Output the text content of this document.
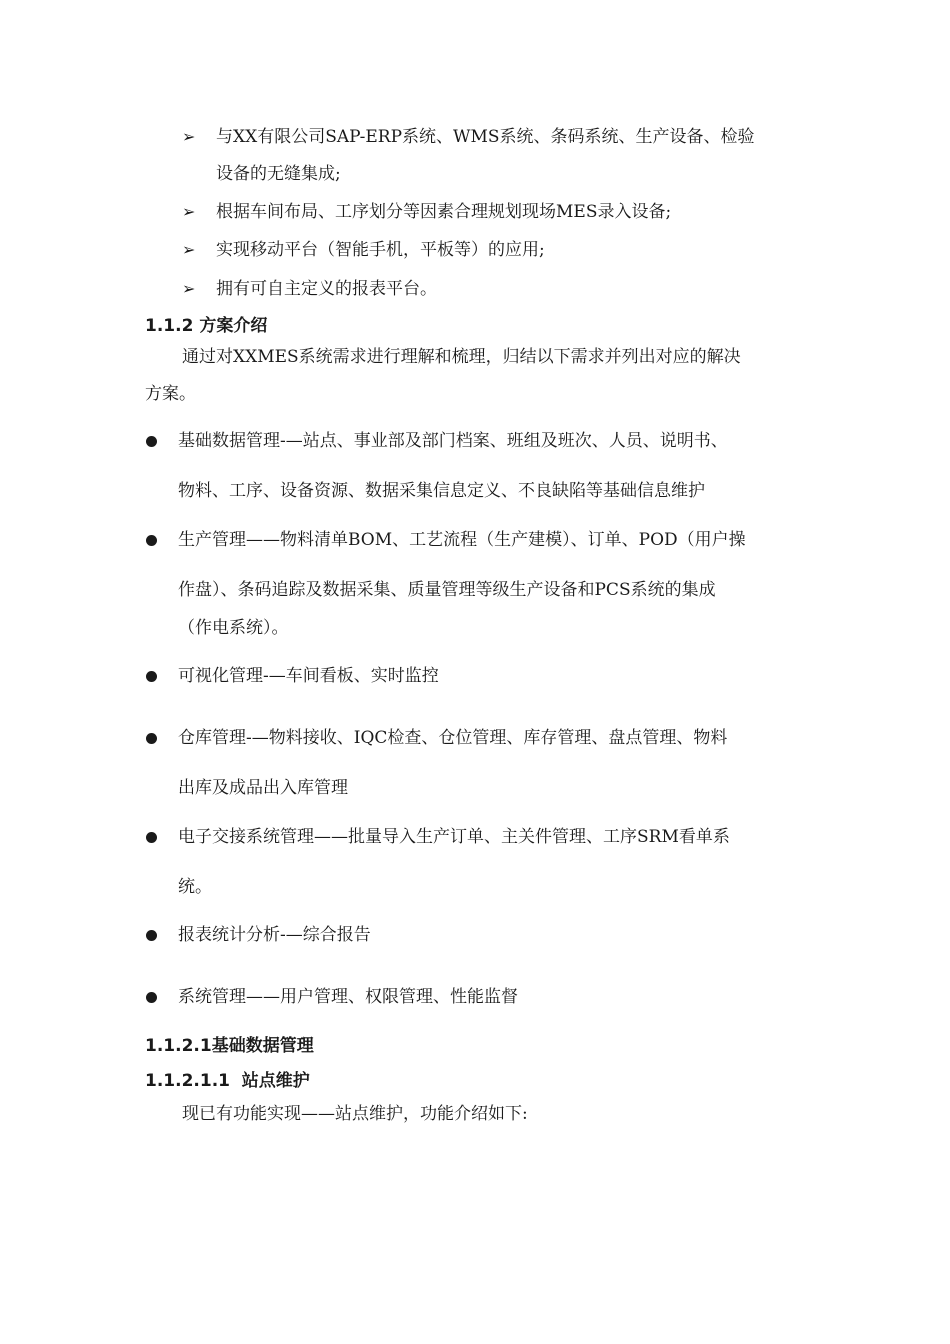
➢ 与XX有限公司SAP-ERP系统、WMS系统、条码系统、生产设备、检验
设备的无缝集成;
➢ 根据车间布局、工序划分等因素合理规划现场MES录入设备;
➢ 实现移动平台（智能手机，平板等）的应用;
➢ 拥有可自主定义的报表平台。
1.1.2 方案介绍
通过对XXMES系统需求进行理解和梳理，归结以下需求并列出对应的解决
方案。
基础数据管理-—站点、事业部及部门档案、班组及班次、人员、说明书、
物料、工序、设备资源、数据采集信息定义、不良缺陷等基础信息维护
生产管理——物料清单BOM、工艺流程（生产建模）、订单、POD（用户操
作盘）、条码追踪及数据采集、质量管理等级生产设备和PCS系统的集成
（作电系统）。
可视化管理-—车间看板、实时监控
仓库管理-—物料接收、IQC检查、仓位管理、库存管理、盘点管理、物料
出库及成品出入库管理
电子交接系统管理——批量导入生产订单、主关件管理、工序SRM看单系
统。
报表统计分析-—综合报告
系统管理——用户管理、权限管理、性能监督
1.1.2.1基础数据管理
1.1.2.1.1  站点维护
现已有功能实现——站点维护，功能介绍如下:
